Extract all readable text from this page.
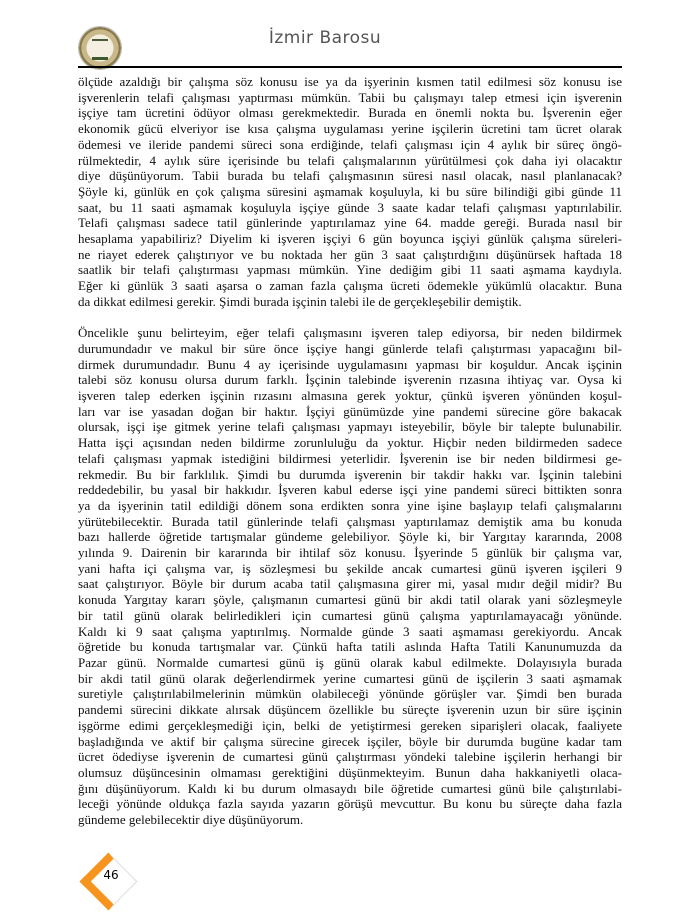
İzmir Barosu
ölçüde azaldığı bir çalışma söz konusu ise ya da işyerinin kısmen tatil edilmesi söz konusu ise
işverenlerin telafi çalışması yaptırması mümkün. Tabii bu çalışmayı talep etmesi için işverenin
işçiye tam ücretini ödüyor olması gerekmektedir. Burada en önemli nokta bu. İşverenin eğer
ekonomik gücü elveriyor ise kısa çalışma uygulaması yerine işçilerin ücretini tam ücret olarak
ödemesi ve ileride pandemi süreci sona erdiğinde, telafi çalışması için 4 aylık bir süreç öngö-
rülmektedir, 4 aylık süre içerisinde bu telafi çalışmalarının yürütülmesi çok daha iyi olacaktır
diye düşünüyorum. Tabii burada bu telafi çalışmasının süresi nasıl olacak, nasıl planlanacak?
Şöyle ki, günlük en çok çalışma süresini aşmamak koşuluyla, ki bu süre bilindiği gibi günde 11
saat, bu 11 saati aşmamak koşuluyla işçiye günde 3 saate kadar telafi çalışması yaptırılabilir.
Telafi çalışması sadece tatil günlerinde yaptırılamaz yine 64. madde gereği. Burada nasıl bir
hesaplama yapabiliriz? Diyelim ki işveren işçiyi 6 gün boyunca işçiyi günlük çalışma süreleri-
ne riayet ederek çalıştırıyor ve bu noktada her gün 3 saat çalıştırdığını düşünürsek haftada 18
saatlik bir telafi çalıştırması yapması mümkün. Yine dediğim gibi 11 saati aşmama kaydıyla.
Eğer ki günlük 3 saati aşarsa o zaman fazla çalışma ücreti ödemekle yükümlü olacaktır. Buna
da dikkat edilmesi gerekir. Şimdi burada işçinin talebi ile de gerçekleşebilir demiştik.
Öncelikle şunu belirteyim, eğer telafi çalışmasını işveren talep ediyorsa, bir neden bildirmek
durumundadır ve makul bir süre önce işçiye hangi günlerde telafi çalıştırması yapacağını bil-
dirmek durumundadır. Bunu 4 ay içerisinde uygulamasını yapması bir koşuldur. Ancak işçinin
talebi söz konusu olursa durum farklı. İşçinin talebinde işverenin rızasına ihtiyaç var. Oysa ki
işveren talep ederken işçinin rızasını almasına gerek yoktur, çünkü işveren yönünden koşul-
ları var ise yasadan doğan bir haktır. İşçiyi günümüzde yine pandemi sürecine göre bakacak
olursak, işçi işe gitmek yerine telafi çalışması yapmayı isteyebilir, böyle bir talepte bulunabilir.
Hatta işçi açısından neden bildirme zorunluluğu da yoktur. Hiçbir neden bildirmeden sadece
telafi çalışması yapmak istediğini bildirmesi yeterlidir. İşverenin ise bir neden bildirmesi ge-
rekmedir. Bu bir farklılık. Şimdi bu durumda işverenin bir takdir hakkı var. İşçinin talebini
reddedebilir, bu yasal bir hakkıdır. İşveren kabul ederse işçi yine pandemi süreci bittikten sonra
ya da işyerinin tatil edildiği dönem sona erdikten sonra yine işine başlayıp telafi çalışmalarını
yürütebilecektir. Burada tatil günlerinde telafi çalışması yaptırılamaz demiştik ama bu konuda
bazı hallerde öğretide tartışmalar gündeme gelebiliyor. Şöyle ki, bir Yargıtay kararında, 2008
yılında 9. Dairenin bir kararında bir ihtilaf söz konusu. İşyerinde 5 günlük bir çalışma var,
yani hafta içi çalışma var, iş sözleşmesi bu şekilde ancak cumartesi günü işveren işçileri 9
saat çalıştırıyor. Böyle bir durum acaba tatil çalışmasına girer mi, yasal mıdır değil midir? Bu
konuda Yargıtay kararı şöyle, çalışmanın cumartesi günü bir akdi tatil olarak yani sözleşmeyle
bir tatil günü olarak belirledikleri için cumartesi günü çalışma yaptırılamayacağı yönünde.
Kaldı ki 9 saat çalışma yaptırılmış. Normalde günde 3 saati aşmaması gerekiyordu. Ancak
öğretide bu konuda tartışmalar var. Çünkü hafta tatili aslında Hafta Tatili Kanunumuzda da
Pazar günü. Normalde cumartesi günü iş günü olarak kabul edilmekte. Dolayısıyla burada
bir akdi tatil günü olarak değerlendirmek yerine cumartesi günü de işçilerin 3 saati aşmamak
suretiyle çalıştırılabilmelerinin mümkün olabileceği yönünde görüşler var. Şimdi ben burada
pandemi sürecini dikkate alırsak düşüncem özellikle bu süreçte işverenin uzun bir süre işçinin
işgörme edimi gerçekleşmediği için, belki de yetiştirmesi gereken siparişleri olacak, faaliyete
başladığında ve aktif bir çalışma sürecine girecek işçiler, böyle bir durumda bugüne kadar tam
ücret ödediyse işverenin de cumartesi günü çalıştırması yöndeki talebine işçilerin herhangi bir
olumsuz düşüncesinin olmaması gerektiğini düşünmekteyim. Bunun daha hakkaniyetli olaca-
ğını düşünüyorum. Kaldı ki bu durum olmasaydı bile öğretide cumartesi günü bile çalıştırılabi-
leceği yönünde oldukça fazla sayıda yazarın görüşü mevcuttur. Bu konu bu süreçte daha fazla
gündeme gelebilecektir diye düşünüyorum.
46
